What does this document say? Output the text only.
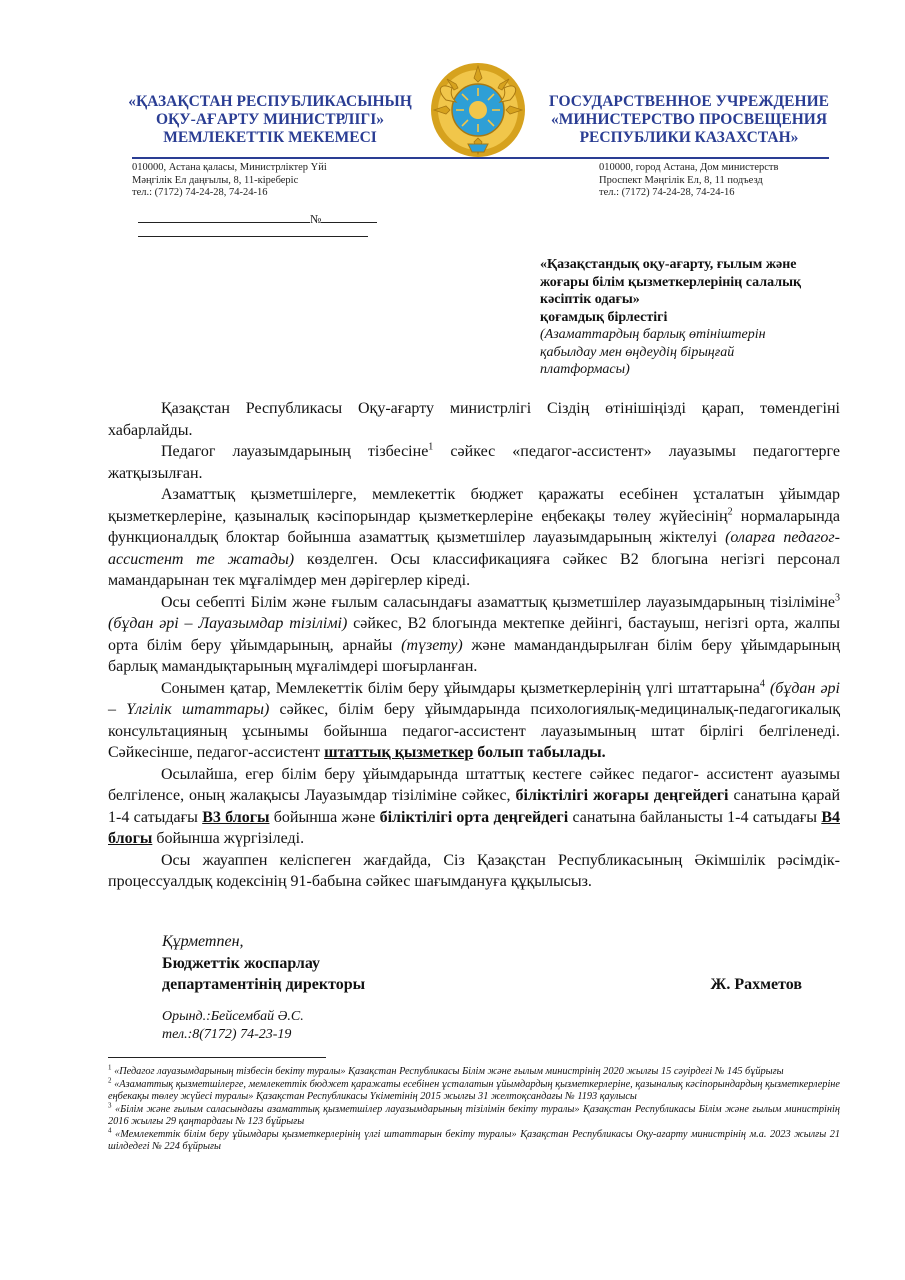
«ҚАЗАҚСТАН РЕСПУБЛИКАСЫНЫҢ
ОҚУ-АҒАРТУ МИНИСТРЛІГІ»
МЕМЛЕКЕТТІК МЕКЕМЕСІ
ГОСУДАРСТВЕННОЕ УЧРЕЖДЕНИЕ
«МИНИСТЕРСТВО ПРОСВЕЩЕНИЯ
РЕСПУБЛИКИ КАЗАХСТАН»
010000, Астана қаласы, Министрліктер Үйі
Мәңгілік Ел даңғылы, 8, 11-кіреберіс
тел.: (7172) 74-24-28, 74-24-16
010000, город Астана, Дом министерств
Проспект Мәңгілік Ел, 8, 11 подъезд
тел.: (7172) 74-24-28, 74-24-16
№

«Қазақстандық оқу-ағарту, ғылым және

жоғары білім қызметкерлерінің салалық

кәсіптік одағы»

қоғамдық бірлестігі

(Азаматтардың барлық өтініштерін

қабылдау мен өңдеудің бірыңғай

платформасы)

Қазақстан Республикасы Оқу-ағарту министрлігі Сіздің өтінішіңізді қарап, төмендегіні хабарлайды.

Педагог лауазымдарының тізбесіне$^1$ сәйкес «педагог-ассистент» лауазымы педагогтерге жатқызылған.

Азаматтық қызметшілерге, мемлекеттік бюджет қаражаты есебінен ұсталатын ұйымдар қызметкерлеріне, қазыналық кәсіпорындар қызметкерлеріне еңбекақы төлеу жүйесінің$^2$ нормаларында функционалдық блоктар бойынша азаматтық қызметшілер лауазымдарының жіктелуі (оларға педагог-ассистент те жатады) көзделген. Осы классификацияға сәйкес В2 блогына негізгі персонал мамандарынан тек мұғалімдер мен дәрігерлер кіреді.

Осы себепті Білім және ғылым саласындағы азаматтық қызметшілер лауазымдарының тізіліміне$^3$ (бұдан әрі – Лауазымдар тізілімі) сәйкес, В2 блогында мектепке дейінгі, бастауыш, негізгі орта, жалпы орта білім беру ұйымдарының, арнайы (түзету) және мамандандырылған білім беру ұйымдарының барлық мамандықтарының мұғалімдері шоғырланған.

Сонымен қатар, Мемлекеттік білім беру ұйымдары қызметкерлерінің үлгі штаттарына$^4$ (бұдан әрі – Үлгілік штаттары) сәйкес, білім беру ұйымдарында психологиялық-медициналық-педагогикалық консультацияның ұсынымы бойынша педагог-ассистент лауазымының штат бірлігі белгіленеді. Сәйкесінше, педагог-ассистент штаттық қызметкер болып табылады.

Осылайша, егер білім беру ұйымдарында штаттық кестеге сәйкес педагог- ассистент ауазымы белгіленсе, оның жалақысы Лауазымдар тізіліміне сәйкес, біліктілігі жоғары деңгейдегі санатына қарай 1-4 сатыдағы В3 блогы бойынша және біліктілігі орта деңгейдегі санатына байланысты 1-4 сатыдағы В4 блогы бойынша жүргізіледі.

Осы жауаппен келіспеген жағдайда, Сіз Қазақстан Республикасының Әкімшілік рәсімдік-процессуалдық кодексінің 91-бабына сәйкес шағымдануға құқылысыз.

Құрметпен,

Бюджеттік жоспарлау

департаментінің директоры	Ж. Рахметов

Орынд.:Бейсембай Ә.С.

тел.:8(7172) 74-23-19

$^1$ «Педагог лауазымдарының тізбесін бекіту туралы» Қазақстан Республикасы Білім және ғылым министрінің 2020 жылғы 15 сәуірдегі № 145 бұйрығы

$^2$ «Азаматтық қызметшілерге, мемлекеттік бюджет қаражаты есебінен ұсталатын ұйымдардың қызметкерлеріне, қазыналық кәсіпорындардың қызметкерлеріне еңбекақы төлеу жүйесі туралы» Қазақстан Республикасы Үкіметінің 2015 жылғы 31 желтоқсандағы № 1193 қаулысы

$^3$ «Білім және ғылым саласындағы азаматтық қызметшілер лауазымдарының тізілімін бекіту туралы» Қазақстан Республикасы Білім және ғылым министрінің 2016 жылғы 29 қаңтардағы № 123 бұйрығы

$^4$ «Мемлекеттік білім беру ұйымдары қызметкерлерінің үлгі штаттарын бекіту туралы» Қазақстан Республикасы Оқу-ағарту министрінің м.а. 2023 жылғы 21 шілдедегі № 224 бұйрығы
